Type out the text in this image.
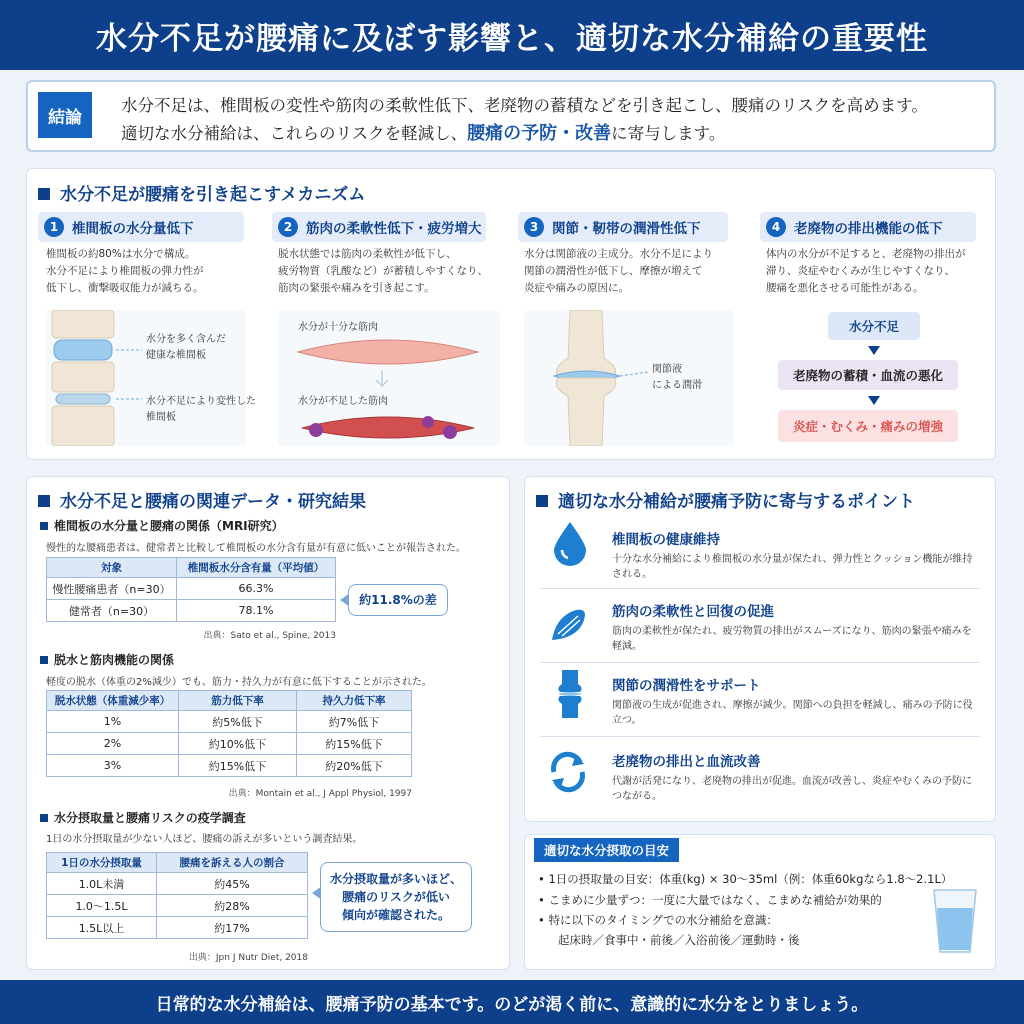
水分不足が腰痛に及ぼす影響と、適切な水分補給の重要性
結論
水分不足は、椎間板の変性や筋肉の柔軟性低下、老廃物の蓄積などを引き起こし、腰痛のリスクを高めます。
適切な水分補給は、これらのリスクを軽減し、腰痛の予防・改善に寄与します。
水分不足が腰痛を引き起こすメカニズム
1	椎間板の水分量低下
椎間板の約80%は水分で構成。
水分不足により椎間板の弾力性が
低下し、衝撃吸収能力が減ちる。
水分を多く含んだ
健康な椎間板
水分不足により変性した
椎間板
2	筋肉の柔軟性低下・疲労増大
脱水状態では筋肉の柔軟性が低下し、
疲労物質（乳酸など）が蓄積しやすくなり、
筋肉の緊張や痛みを引き起こす。
水分が十分な筋肉
水分が不足した筋肉
3	関節・靭帯の潤滑性低下
水分は関節液の主成分。水分不足により
関節の潤滑性が低下し、摩擦が増えて
炎症や痛みの原因に。
関節液
による潤滑
4	老廃物の排出機能の低下
体内の水分が不足すると、老廃物の排出が
滞り、炎症やむくみが生じやすくなり、
腰痛を悪化させる可能性がある。
水分不足
老廃物の蓄積・血流の悪化
炎症・むくみ・痛みの増強
水分不足と腰痛の関連データ・研究結果
椎間板の水分量と腰痛の関係（MRI研究）
慢性的な腰痛患者は、健常者と比較して椎間板の水分含有量が有意に低いことが報告された。
対象	椎間板水分含有量（平均値）
慢性腰痛患者（n=30）	66.3%
健常者（n=30）	78.1%
約11.8%の差
出典：Sato et al., Spine, 2013
脱水と筋肉機能の関係
軽度の脱水（体重の2%減少）でも、筋力・持久力が有意に低下することが示された。
脱水状態（体重減少率）	筋力低下率	持久力低下率
1%	約5%低下	約7%低下
2%	約10%低下	約15%低下
3%	約15%低下	約20%低下
出典：Montain et al., J Appl Physiol, 1997
水分摂取量と腰痛リスクの疫学調査
1日の水分摂取量が少ない人ほど、腰痛の訴えが多いという調査結果。
1日の水分摂取量	腰痛を訴える人の割合
1.0L未満	約45%
1.0〜1.5L	約28%
1.5L以上	約17%
水分摂取量が多いほど、
腰痛のリスクが低い
傾向が確認された。
出典：Jpn J Nutr Diet, 2018
適切な水分補給が腰痛予防に寄与するポイント
椎間板の健康維持
十分な水分補給により椎間板の水分量が保たれ、弾力性とクッション機能が維持される。
筋肉の柔軟性と回復の促進
筋肉の柔軟性が保たれ、疲労物質の排出がスムーズになり、筋肉の緊張や痛みを軽減。
関節の潤滑性をサポート
関節液の生成が促進され、摩擦が減少。関節への負担を軽減し、痛みの予防に役立つ。
老廃物の排出と血流改善
代謝が活発になり、老廃物の排出が促進。血流が改善し、炎症やむくみの予防につながる。
適切な水分摂取の目安
• 1日の摂取量の目安：体重(kg) × 30〜35ml（例：体重60kgなら1.8〜2.1L）
• こまめに少量ずつ：一度に大量ではなく、こまめな補給が効果的
• 特に以下のタイミングでの水分補給を意識：
起床時／食事中・前後／入浴前後／運動時・後
日常的な水分補給は、腰痛予防の基本です。のどが渇く前に、意識的に水分をとりましょう。
